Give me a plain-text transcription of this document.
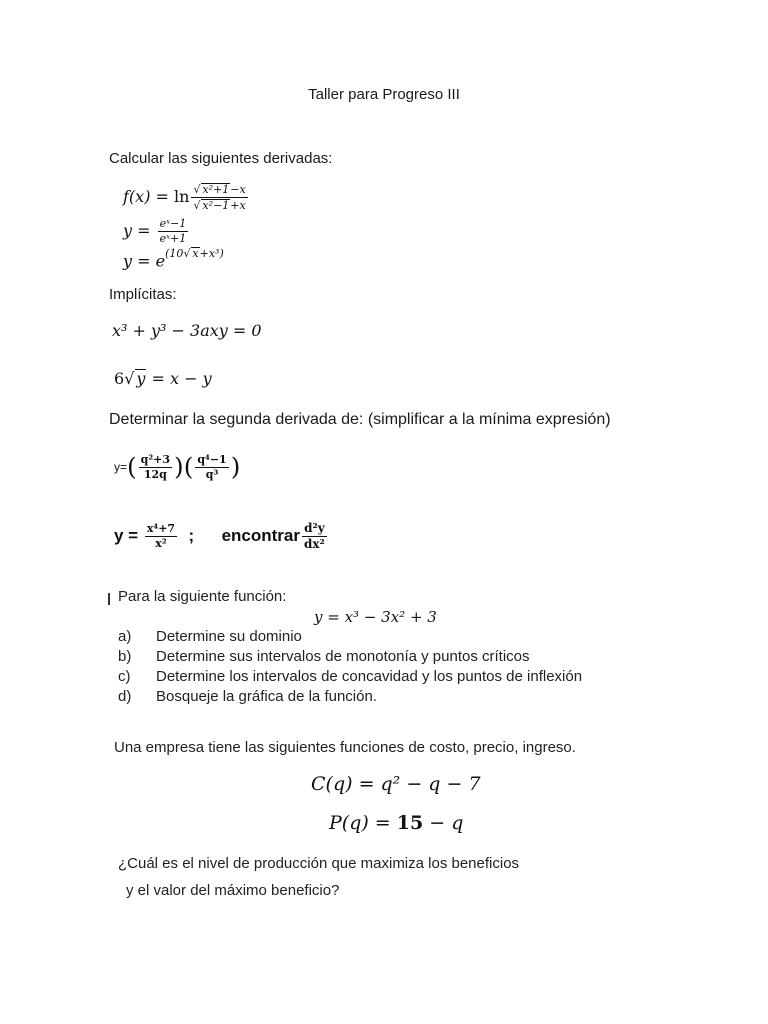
Taller para Progreso III
Calcular las siguientes derivadas:
$f(x) = \ln \frac{\text{√ x²+1−x}}{\text{√ x²−1+x}}$
$y = \frac{\text{eˣ−1}}{\text{eˣ+1}}$
$y = e^{(10√ x+x^3)}$
Implícitas:
x³ + y³ − 3axy = 0
6√ y = x − y
Determinar la segunda derivada de: (simplificar a la mínima expresión)
$y=( \frac{\text{q²+3}}{12q}$ )( $\frac{\text{q⁴−1}}{\text{q³}}$ )
$y = \frac{\text{x⁴+7}}{\text{x²}}$ ; encontrar $\frac{\text{d²y}}{\text{dx²}}$
Para la siguiente función:
y = x³ − 3x² + 3
a) Determine su dominio
b) Determine sus intervalos de monotonía y puntos críticos
c) Determine los intervalos de concavidad y los puntos de inflexión
d) Bosqueje la gráfica de la función.
Una empresa tiene las siguientes funciones de costo, precio, ingreso.
C(q) = q² − q − 7
P(q) = 15 − q
¿Cuál es el nivel de producción que maximiza los beneficios
y el valor del máximo beneficio?
